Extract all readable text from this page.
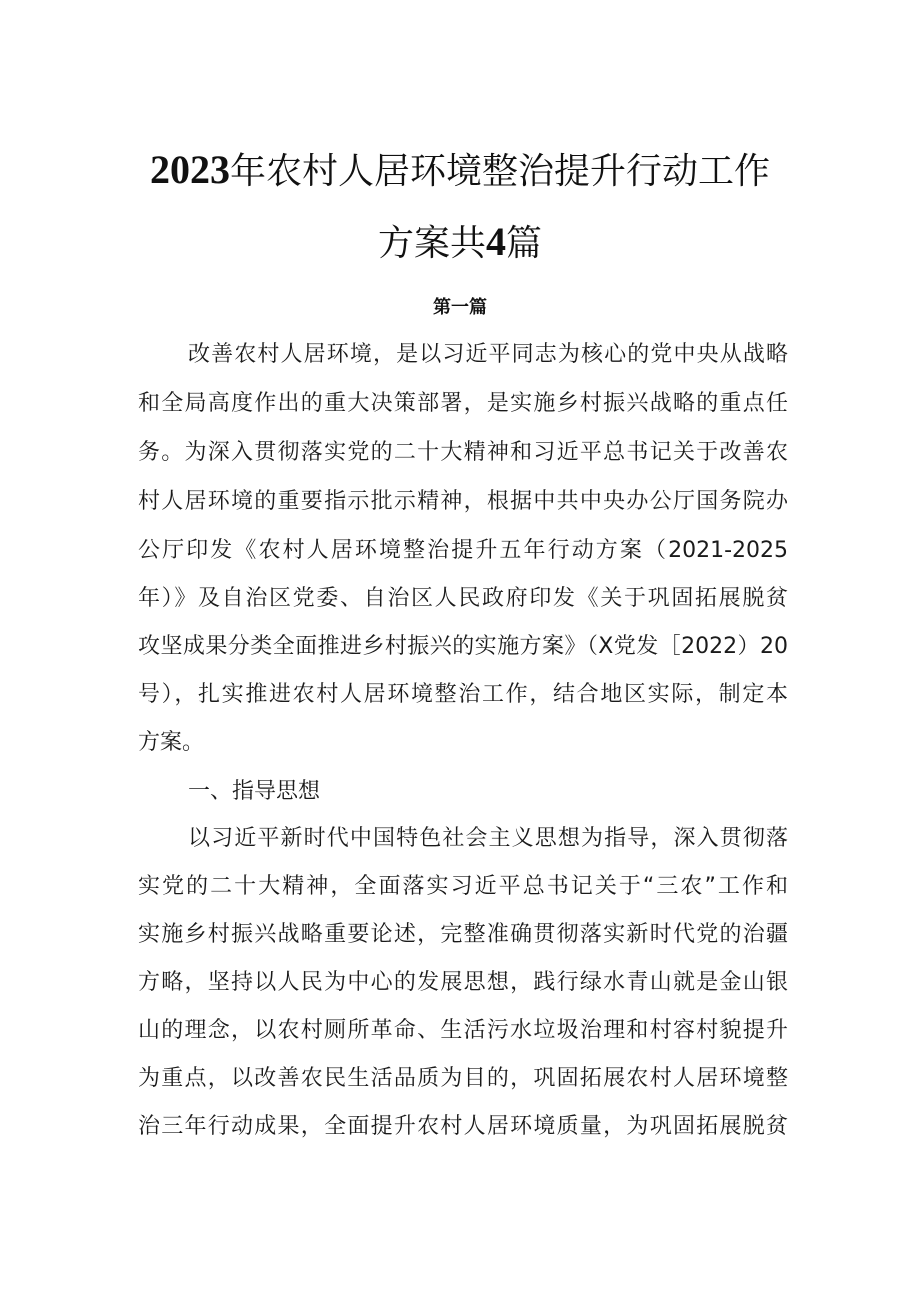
2023年农村人居环境整治提升行动工作
方案共4篇
第一篇
改善农村人居环境，是以习近平同志为核心的党中央从战略
和全局高度作出的重大决策部署，是实施乡村振兴战略的重点任
务。为深入贯彻落实党的二十大精神和习近平总书记关于改善农
村人居环境的重要指示批示精神，根据中共中央办公厅国务院办
公厅印发《农村人居环境整治提升五年行动方案（2021-2025
年）》及自治区党委、自治区人民政府印发《关于巩固拓展脱贫
攻坚成果分类全面推进乡村振兴的实施方案》（X党发［2022）20
号），扎实推进农村人居环境整治工作，结合地区实际，制定本
方案。
一、指导思想
以习近平新时代中国特色社会主义思想为指导，深入贯彻落
实党的二十大精神，全面落实习近平总书记关于“三农”工作和
实施乡村振兴战略重要论述，完整准确贯彻落实新时代党的治疆
方略，坚持以人民为中心的发展思想，践行绿水青山就是金山银
山的理念，以农村厕所革命、生活污水垃圾治理和村容村貌提升
为重点，以改善农民生活品质为目的，巩固拓展农村人居环境整
治三年行动成果，全面提升农村人居环境质量，为巩固拓展脱贫
